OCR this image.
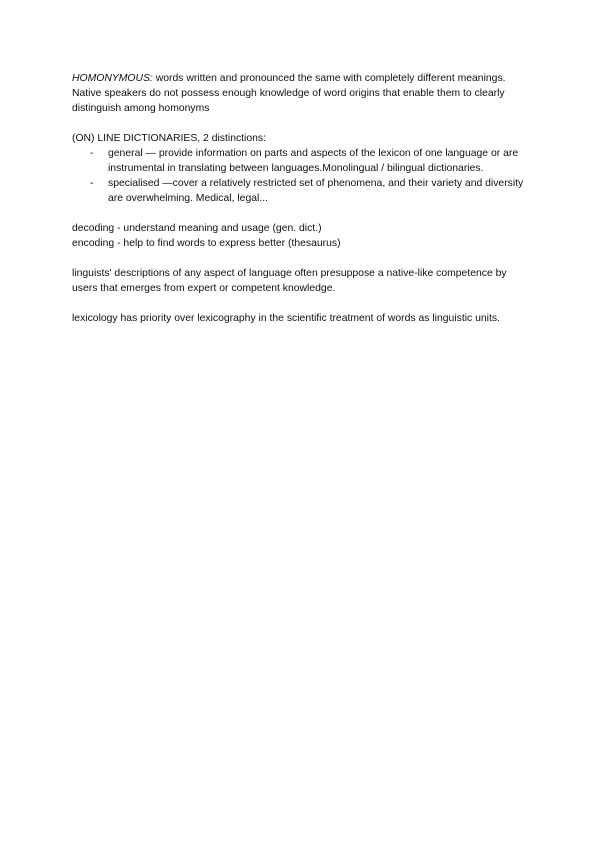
HOMONYMOUS: words written and pronounced the same with completely different meanings.

Native speakers do not possess enough knowledge of word origins that enable them to clearly distinguish among homonyms

(ON) LINE DICTIONARIES, 2 distinctions:

- general — provide information on parts and aspects of the lexicon of one language or are instrumental in translating between languages.Monolingual / bilingual dictionaries.
- specialised —cover a relatively restricted set of phenomena, and their variety and diversity are overwhelming. Medical, legal...

decoding - understand meaning and usage (gen. dict.)

encoding - help to find words to express better (thesaurus)

linguists' descriptions of any aspect of language often presuppose a native-like competence by users that emerges from expert or competent knowledge.

lexicology has priority over lexicography in the scientific treatment of words as linguistic units.
